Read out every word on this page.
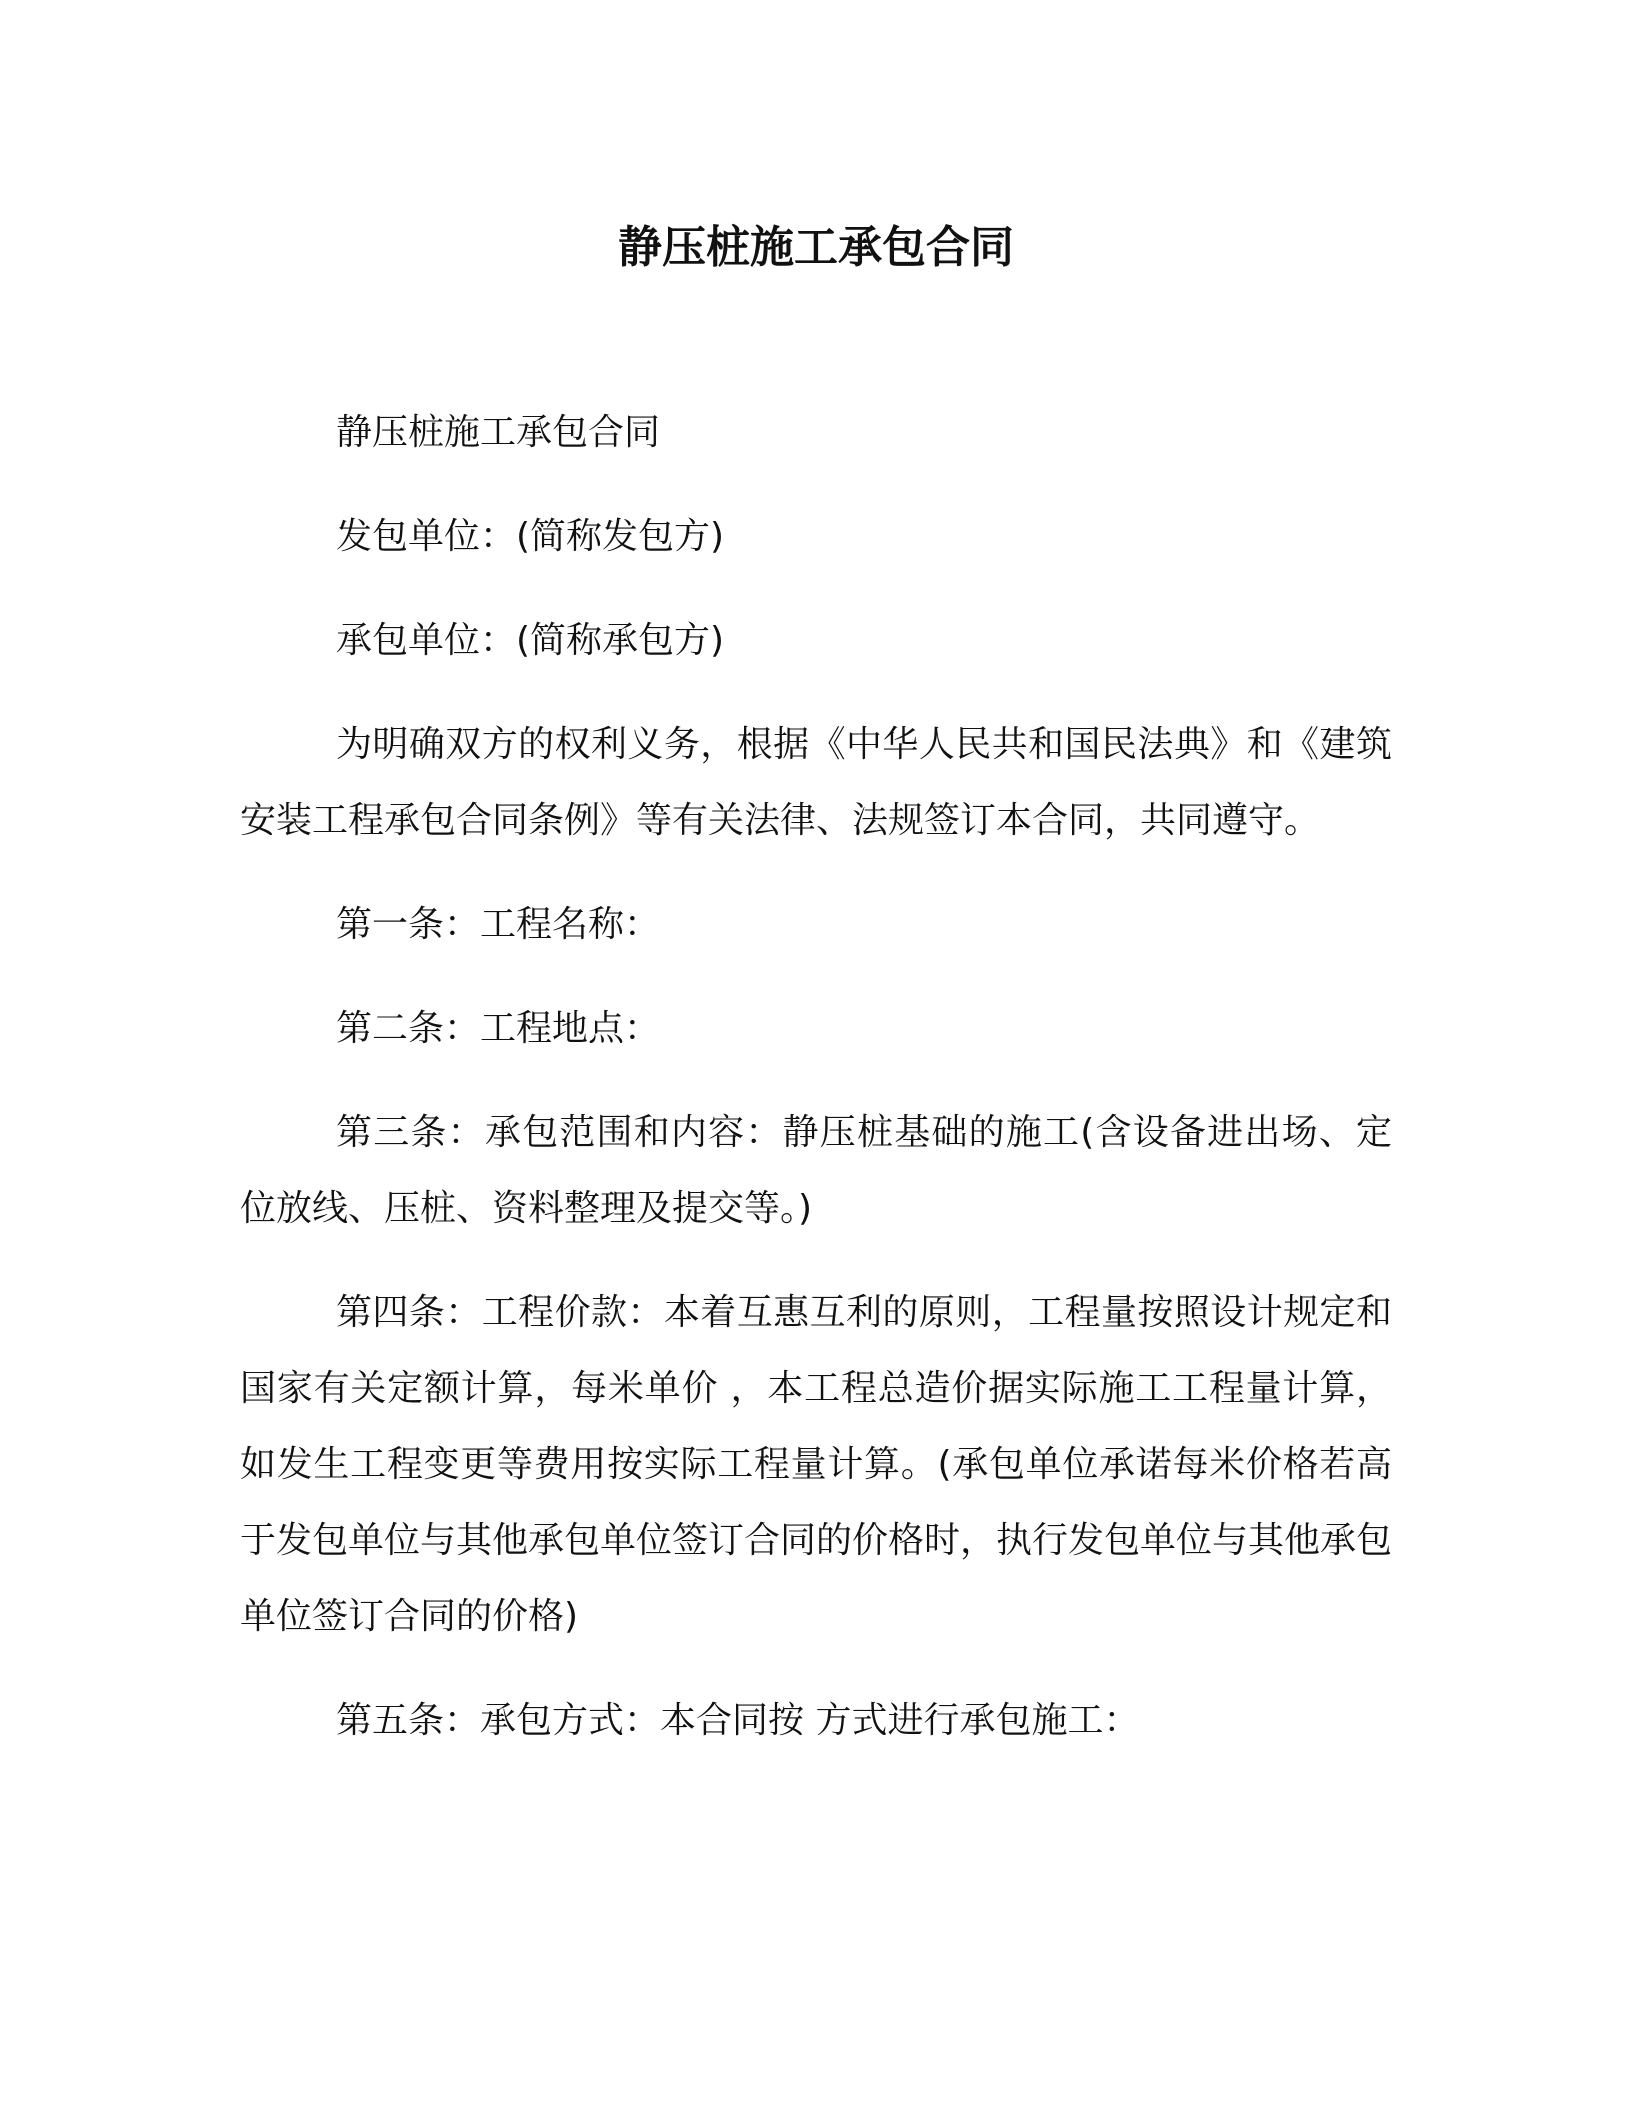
静压桩施工承包合同

静压桩施工承包合同

发包单位：(简称发包方)

承包单位：(简称承包方)

为明确双方的权利义务，根据《中华人民共和国民法典》和《建筑安装工程承包合同条例》等有关法律、法规签订本合同，共同遵守。

第一条：工程名称：

第二条：工程地点：

第三条：承包范围和内容：静压桩基础的施工(含设备进出场、定位放线、压桩、资料整理及提交等。)

第四条：工程价款：本着互惠互利的原则，工程量按照设计规定和国家有关定额计算，每米单价 ，本工程总造价据实际施工工程量计算，如发生工程变更等费用按实际工程量计算。(承包单位承诺每米价格若高于发包单位与其他承包单位签订合同的价格时，执行发包单位与其他承包单位签订合同的价格)

第五条：承包方式：本合同按 方式进行承包施工：
